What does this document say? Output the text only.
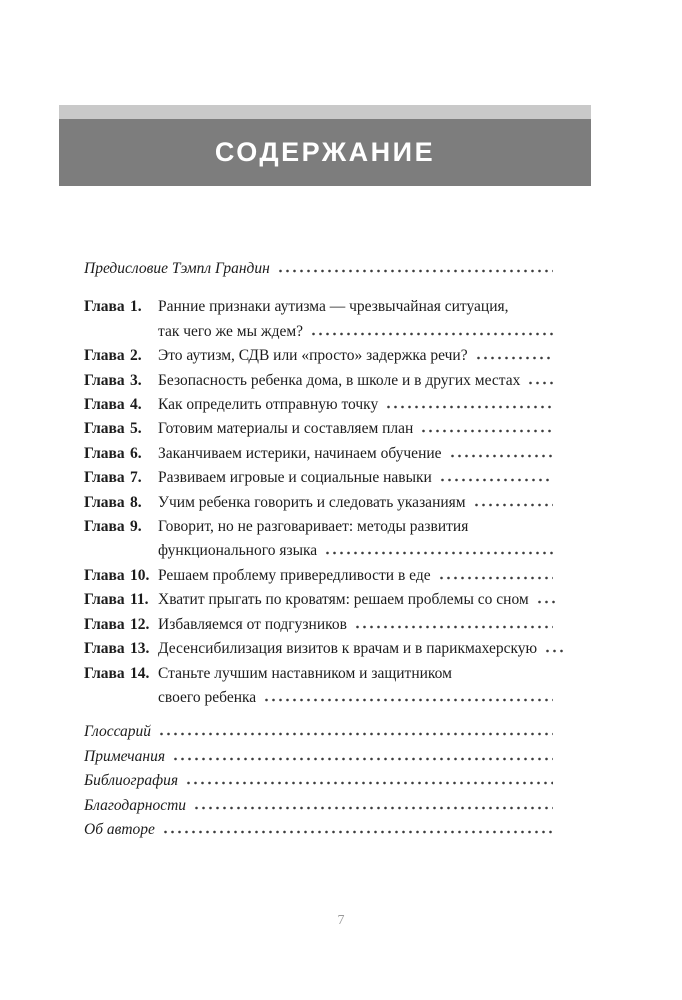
СОДЕРЖАНИЕ
Предисловие Тэмпл Грандин
Глава 1.	Ранние признаки аутизма — чрезвычайная ситуация,
так чего же мы ждем?
Глава 2.	Это аутизм, СДВ или «просто» задержка речи?
Глава 3.	Безопасность ребенка дома, в школе и в других местах
Глава 4.	Как определить отправную точку
Глава 5.	Готовим материалы и составляем план
Глава 6.	Заканчиваем истерики, начинаем обучение
Глава 7.	Развиваем игровые и социальные навыки
Глава 8.	Учим ребенка говорить и следовать указаниям
Глава 9.	Говорит, но не разговаривает: методы развития
функционального языка
Глава 10. Решаем проблему привередливости в еде
Глава 11. Хватит прыгать по кроватям: решаем проблемы со сном
Глава 12. Избавляемся от подгузников
Глава 13. Десенсибилизация визитов к врачам и в парикмахерскую
Глава 14. Станьте лучшим наставником и защитником
своего ребенка
Глоссарий
Примечания
Библиография
Благодарности
Об авторе
7
